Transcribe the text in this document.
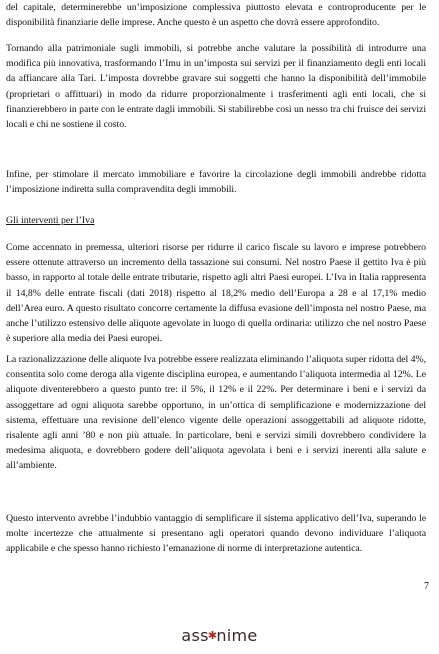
del capitale, determinerebbe un’imposizione complessiva piuttosto elevata e controproducente per le disponibilità finanziarie delle imprese. Anche questo è un aspetto che dovrà essere approfondito.

Tornando alla patrimoniale sugli immobili, si potrebbe anche valutare la possibilità di introdurre una modifica più innovativa, trasformando l’Imu in un’imposta sui servizi per il finanziamento degli enti locali da affiancare alla Tari. L’imposta dovrebbe gravare sui soggetti che hanno la disponibilità dell’immobile (proprietari o affittuari) in modo da ridurre proporzionalmente i trasferimenti agli enti locali, che si finanzierebbero in parte con le entrate dagli immobili. Si stabilirebbe così un nesso tra chi fruisce dei servizi locali e chi ne sostiene il costo.

Infine, per stimolare il mercato immobiliare e favorire la circolazione degli immobili andrebbe ridotta l’imposizione indiretta sulla compravendita degli immobili.

Gli interventi per l’Iva

Come accennato in premessa, ulteriori risorse per ridurre il carico fiscale su lavoro e imprese potrebbero essere ottenute attraverso un incremento della tassazione sui consumi. Nel nostro Paese il gettito Iva è più basso, in rapporto al totale delle entrate tributarie, rispetto agli altri Paesi europei. L’Iva in Italia rappresenta il 14,8% delle entrate fiscali (dati 2018) rispetto al 18,2% medio dell’Europa a 28 e al 17,1% medio dell’Area euro. A questo risultato concorre certamente la diffusa evasione dell’imposta nel nostro Paese, ma anche l’utilizzo estensivo delle aliquote agevolate in luogo di quella ordinaria: utilizzo che nel nostro Paese è superiore alla media dei Paesi europei.

La razionalizzazione delle aliquote Iva potrebbe essere realizzata eliminando l’aliquota super ridotta del 4%, consentita solo come deroga alla vigente disciplina europea, e aumentando l’aliquota intermedia al 12%. Le aliquote diventerebbero a questo punto tre: il 5%, il 12% e il 22%. Per determinare i beni e i servizi da assoggettare ad ogni aliquota sarebbe opportuno, in un’ottica di semplificazione e modernizzazione del sistema, effettuare una revisione dell’elenco vigente delle operazioni assoggettabili ad aliquote ridotte, risalente agli anni ’80 e non più attuale. In particolare, beni e servizi simili dovrebbero condividere la medesima aliquota, e dovrebbero godere dell’aliquota agevolata i beni e i servizi inerenti alla salute e all’ambiente.

Questo intervento avrebbe l’indubbio vantaggio di semplificare il sistema applicativo dell’Iva, superando le molte incertezze che attualmente si presentano agli operatori quando devono individuare l’aliquota applicabile e che spesso hanno richiesto l’emanazione di norme di interpretazione autentica.

7
ass✱nime
